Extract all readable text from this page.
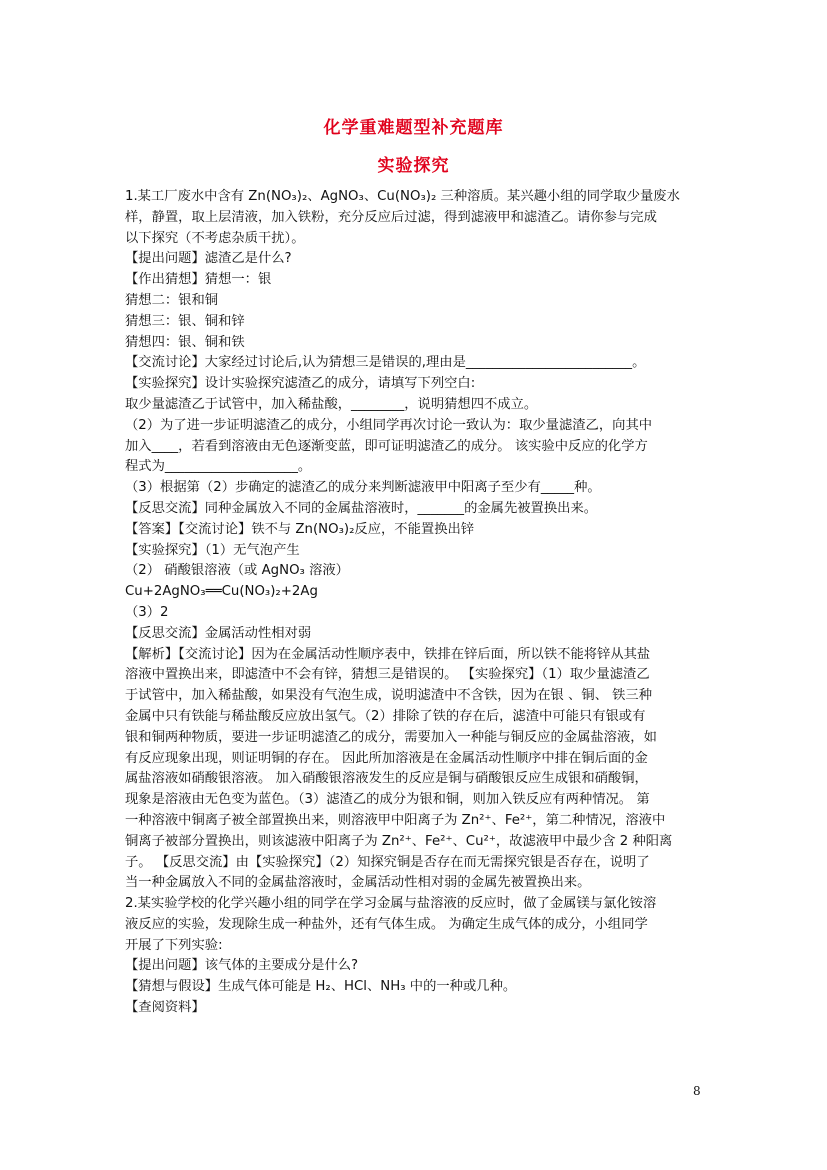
化学重难题型补充题库
实验探究
1.某工厂废水中含有 Zn(NO₃)₂、AgNO₃、Cu(NO₃)₂ 三种溶质。某兴趣小组的同学取少量废水
样，静置，取上层清液，加入铁粉，充分反应后过滤，得到滤液甲和滤渣乙。请你参与完成
以下探究（不考虑杂质干扰）。
【提出问题】滤渣乙是什么?
【作出猜想】猜想一：银
猜想二：银和铜
猜想三：银、铜和锌
猜想四：银、铜和铁
【交流讨论】大家经过讨论后,认为猜想三是错误的,理由是_________________________。
【实验探究】设计实验探究滤渣乙的成分，请填写下列空白:
取少量滤渣乙于试管中，加入稀盐酸，________，说明猜想四不成立。
（2）为了进一步证明滤渣乙的成分，小组同学再次讨论一致认为：取少量滤渣乙，向其中
加入____，若看到溶液由无色逐渐变蓝，即可证明滤渣乙的成分。 该实验中反应的化学方
程式为____________________。
（3）根据第（2）步确定的滤渣乙的成分来判断滤液甲中阳离子至少有_____种。
【反思交流】同种金属放入不同的金属盐溶液时，_______的金属先被置换出来。
【答案】【交流讨论】铁不与 Zn(NO₃)₂反应，不能置换出锌
【实验探究】（1）无气泡产生
（2） 硝酸银溶液（或 AgNO₃ 溶液）
Cu+2AgNO₃══Cu(NO₃)₂+2Ag
（3）2
【反思交流】金属活动性相对弱
【解析】【交流讨论】因为在金属活动性顺序表中，铁排在锌后面，所以铁不能将锌从其盐
溶液中置换出来，即滤渣中不会有锌，猜想三是错误的。 【实验探究】（1）取少量滤渣乙
于试管中，加入稀盐酸，如果没有气泡生成，说明滤渣中不含铁，因为在银 、铜、 铁三种
金属中只有铁能与稀盐酸反应放出氢气。（2）排除了铁的存在后，滤渣中可能只有银或有
银和铜两种物质，要进一步证明滤渣乙的成分，需要加入一种能与铜反应的金属盐溶液，如
有反应现象出现，则证明铜的存在。 因此所加溶液是在金属活动性顺序中排在铜后面的金
属盐溶液如硝酸银溶液。 加入硝酸银溶液发生的反应是铜与硝酸银反应生成银和硝酸铜，
现象是溶液由无色变为蓝色。（3）滤渣乙的成分为银和铜，则加入铁反应有两种情况。 第
一种溶液中铜离子被全部置换出来，则溶液甲中阳离子为 Zn²⁺、Fe²⁺，第二种情况，溶液中
铜离子被部分置换出，则该滤液中阳离子为 Zn²⁺、Fe²⁺、Cu²⁺，故滤液甲中最少含 2 种阳离
子。 【反思交流】由【实验探究】（2）知探究铜是否存在而无需探究银是否存在，说明了
当一种金属放入不同的金属盐溶液时，金属活动性相对弱的金属先被置换出来。
2.某实验学校的化学兴趣小组的同学在学习金属与盐溶液的反应时，做了金属镁与氯化铵溶
液反应的实验，发现除生成一种盐外，还有气体生成。 为确定生成气体的成分，小组同学
开展了下列实验:
【提出问题】该气体的主要成分是什么?
【猜想与假设】生成气体可能是 H₂、HCl、NH₃ 中的一种或几种。
【查阅资料】
8
